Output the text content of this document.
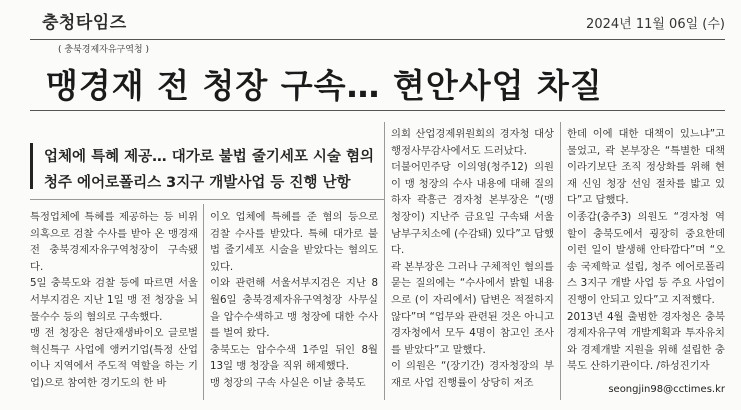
충청타임즈	2024년 11월 06일 (수)
( 충북경제자유구역청 )
맹경재 전 청장 구속… 현안사업 차질
업체에 특혜 제공… 대가로 불법 줄기세포 시술 혐의
청주 에어로폴리스 3지구 개발사업 등 진행 난항

특정업체에 특혜를 제공하는 등 비위 의혹으로 검찰 수사를 받아 온 맹경재 전 충북경제자유구역청장이 구속됐다.

5일 충북도와 검찰 등에 따르면 서울서부지검은 지난 1일 맹 전 청장을 뇌물수수 등의 혐의로 구속했다.

맹 전 청장은 첨단재생바이오 글로벌 혁신특구 사업에 앵커기업(특정 산업이나 지역에서 주도적 역할을 하는 기업)으로 참여한 경기도의 한 바

이오 업체에 특혜를 준 혐의 등으로 검찰 수사를 받았다. 특혜 대가로 불법 줄기세포 시술을 받았다는 혐의도 있다.

이와 관련해 서울서부지검은 지난 8월6일 충북경제자유구역청장 사무실을 압수수색하고 맹 청장에 대한 수사를 벌여 왔다.

충북도는 압수수색 1주일 뒤인 8월 13일 맹 청장을 직위 해제했다.

맹 청장의 구속 사실은 이날 충북도

의회 산업경제위원회의 경자청 대상 행정사무감사에서도 드러났다.

더불어민주당 이의영(청주12) 의원이 맹 청장의 수사 내용에 대해 질의하자 곽흥근 경자청 본부장은 “(맹 청장이) 지난주 금요일 구속돼 서울 남부구치소에 (수감돼) 있다”고 답했다.

곽 본부장은 그러나 구체적인 혐의를 묻는 질의에는 “수사에서 밝힐 내용으로 (이 자리에서) 답변은 적절하지 않다”며 “업무와 관련된 것은 아니고 경자청에서 모두 4명이 참고인 조사를 받았다”고 말했다.

이 의원은 “(장기간) 경자청장의 부재로 사업 진행률이 상당히 저조

한데 이에 대한 대책이 있느냐”고 물었고, 곽 본부장은 “특별한 대책이라기보단 조직 정상화를 위해 현재 신임 청장 선임 절차를 밟고 있다”고 답했다.

이종갑(충주3) 의원도 “경자청 역할이 충북도에서 굉장히 중요한데 이런 일이 발생해 안타깝다”며 “오송 국제학교 설립, 청주 에어로폴리스 3지구 개발 사업 등 주요 사업이 진행이 안되고 있다”고 지적했다.

2013년 4월 출범한 경자청은 충북경제자유구역 개발계획과 투자유치와 경제개발 지원을 위해 설립한 충북도 산하기관이다. /하성진기자

seongjin98@cctimes.kr
